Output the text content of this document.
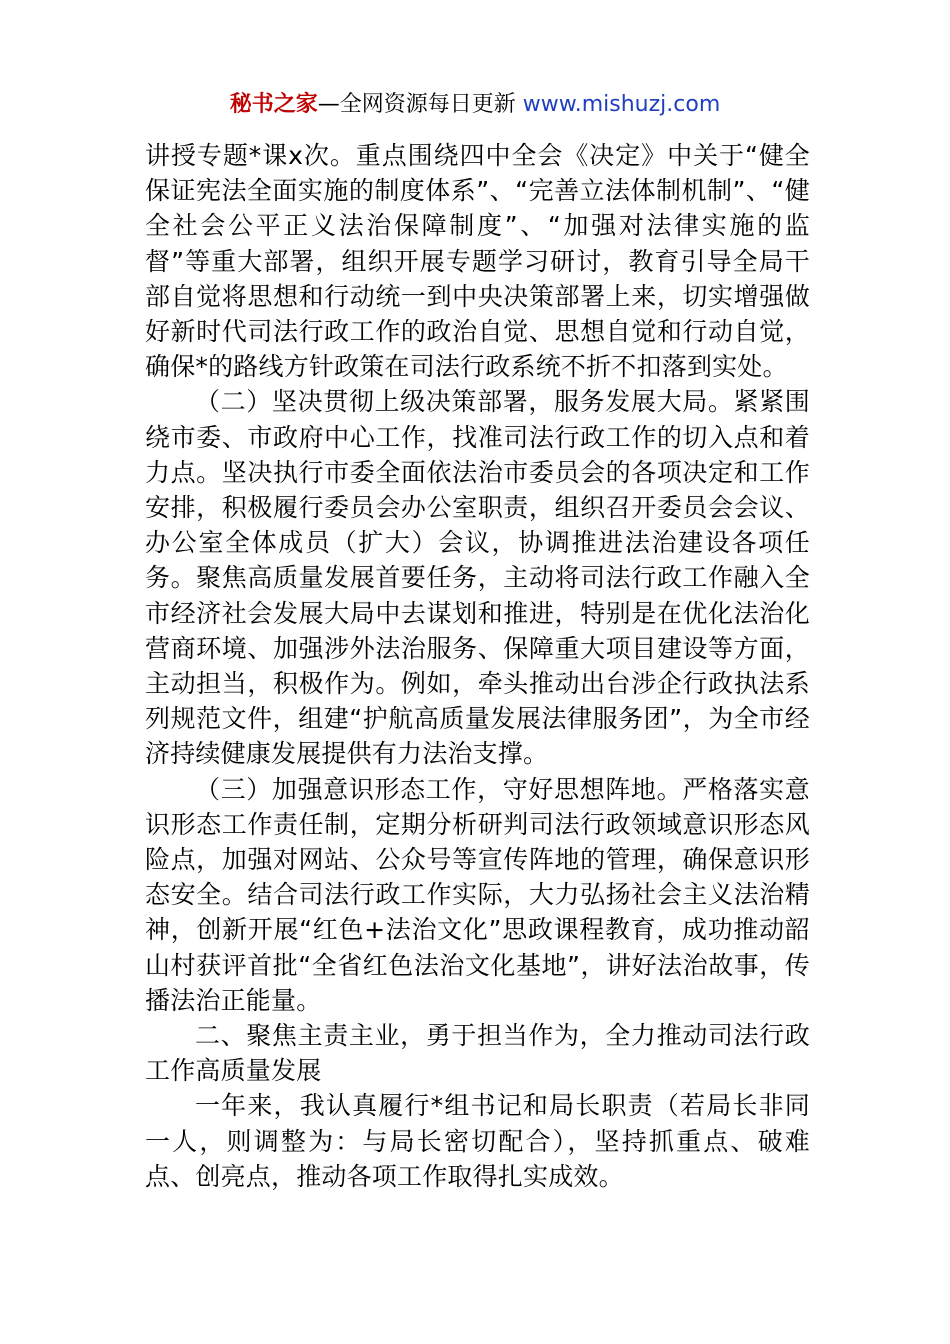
秘书之家—全网资源每日更新 www.mishuzj.com

讲授专题*课x次。重点围绕四中全会《决定》中关于“健全保证宪法全面实施的制度体系”、“完善立法体制机制”、“健全社会公平正义法治保障制度”、“加强对法律实施的监督”等重大部署，组织开展专题学习研讨，教育引导全局干部自觉将思想和行动统一到中央决策部署上来，切实增强做好新时代司法行政工作的政治自觉、思想自觉和行动自觉，确保*的路线方针政策在司法行政系统不折不扣落到实处。

（二）坚决贯彻上级决策部署，服务发展大局。紧紧围绕市委、市政府中心工作，找准司法行政工作的切入点和着力点。坚决执行市委全面依法治市委员会的各项决定和工作安排，积极履行委员会办公室职责，组织召开委员会会议、办公室全体成员（扩大）会议，协调推进法治建设各项任务。聚焦高质量发展首要任务，主动将司法行政工作融入全市经济社会发展大局中去谋划和推进，特别是在优化法治化营商环境、加强涉外法治服务、保障重大项目建设等方面，主动担当，积极作为。例如，牵头推动出台涉企行政执法系列规范文件，组建“护航高质量发展法律服务团”，为全市经济持续健康发展提供有力法治支撑。

（三）加强意识形态工作，守好思想阵地。严格落实意识形态工作责任制，定期分析研判司法行政领域意识形态风险点，加强对网站、公众号等宣传阵地的管理，确保意识形态安全。结合司法行政工作实际，大力弘扬社会主义法治精神，创新开展“红色+法治文化”思政课程教育，成功推动韶山村获评首批“全省红色法治文化基地”，讲好法治故事，传播法治正能量。

二、聚焦主责主业，勇于担当作为，全力推动司法行政工作高质量发展

一年来，我认真履行*组书记和局长职责（若局长非同一人，则调整为：与局长密切配合），坚持抓重点、破难点、创亮点，推动各项工作取得扎实成效。
